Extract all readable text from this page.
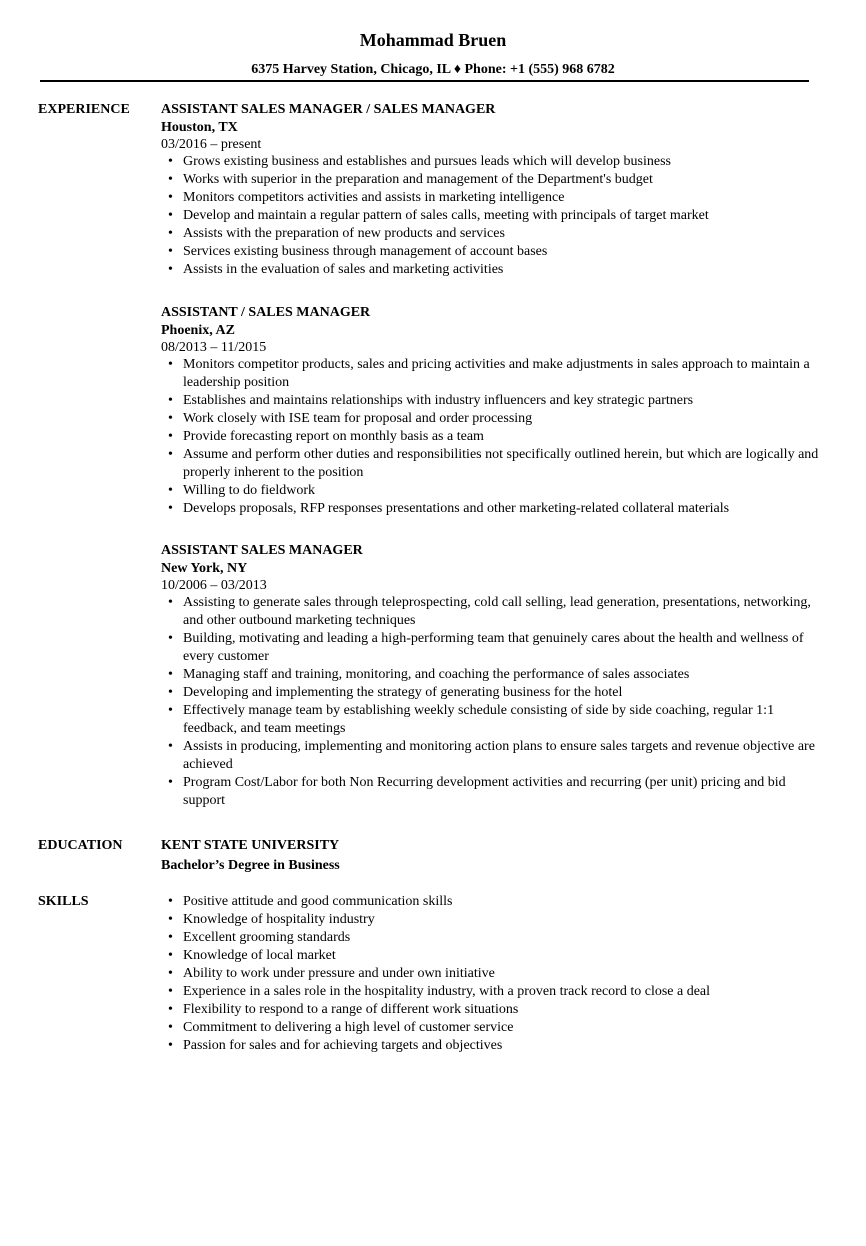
Mohammad Bruen
6375 Harvey Station, Chicago, IL ♦ Phone: +1 (555) 968 6782
EXPERIENCE ASSISTANT SALES MANAGER / SALES MANAGER
Houston, TX
03/2016 – present
• Grows existing business and establishes and pursues leads which will develop business
• Works with superior in the preparation and management of the Department's budget
• Monitors competitors activities and assists in marketing intelligence
• Develop and maintain a regular pattern of sales calls, meeting with principals of target market
• Assists with the preparation of new products and services
• Services existing business through management of account bases
• Assists in the evaluation of sales and marketing activities
ASSISTANT / SALES MANAGER
Phoenix, AZ
08/2013 – 11/2015
• Monitors competitor products, sales and pricing activities and make adjustments in sales approach to maintain a leadership position
• Establishes and maintains relationships with industry influencers and key strategic partners
• Work closely with ISE team for proposal and order processing
• Provide forecasting report on monthly basis as a team
• Assume and perform other duties and responsibilities not specifically outlined herein, but which are logically and properly inherent to the position
• Willing to do fieldwork
• Develops proposals, RFP responses presentations and other marketing-related collateral materials
ASSISTANT SALES MANAGER
New York, NY
10/2006 – 03/2013
• Assisting to generate sales through teleprospecting, cold call selling, lead generation, presentations, networking, and other outbound marketing techniques
• Building, motivating and leading a high-performing team that genuinely cares about the health and wellness of every customer
• Managing staff and training, monitoring, and coaching the performance of sales associates
• Developing and implementing the strategy of generating business for the hotel
• Effectively manage team by establishing weekly schedule consisting of side by side coaching, regular 1:1 feedback, and team meetings
• Assists in producing, implementing and monitoring action plans to ensure sales targets and revenue objective are achieved
• Program Cost/Labor for both Non Recurring development activities and recurring (per unit) pricing and bid support
EDUCATION	KENT STATE UNIVERSITY
Bachelor’s Degree in Business
SKILLS
•	Positive attitude and good communication skills
• Knowledge of hospitality industry
• Excellent grooming standards
• Knowledge of local market
• Ability to work under pressure and under own initiative
• Experience in a sales role in the hospitality industry, with a proven track record to close a deal
• Flexibility to respond to a range of different work situations
• Commitment to delivering a high level of customer service
• Passion for sales and for achieving targets and objectives
